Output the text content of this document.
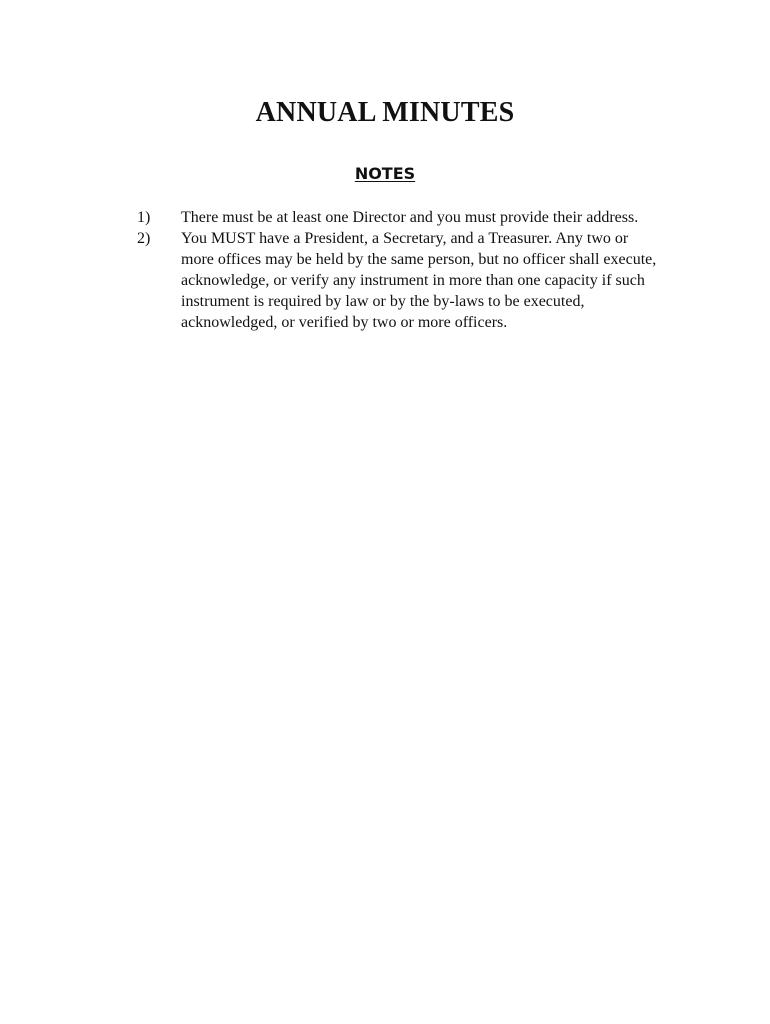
ANNUAL MINUTES
NOTES
1)	There must be at least one Director and you must provide their address.
2)	You MUST have a President, a Secretary, and a Treasurer. Any two or more offices may be held by the same person, but no officer shall execute, acknowledge, or verify any instrument in more than one capacity if such instrument is required by law or by the by-laws to be executed, acknowledged, or verified by two or more officers.
